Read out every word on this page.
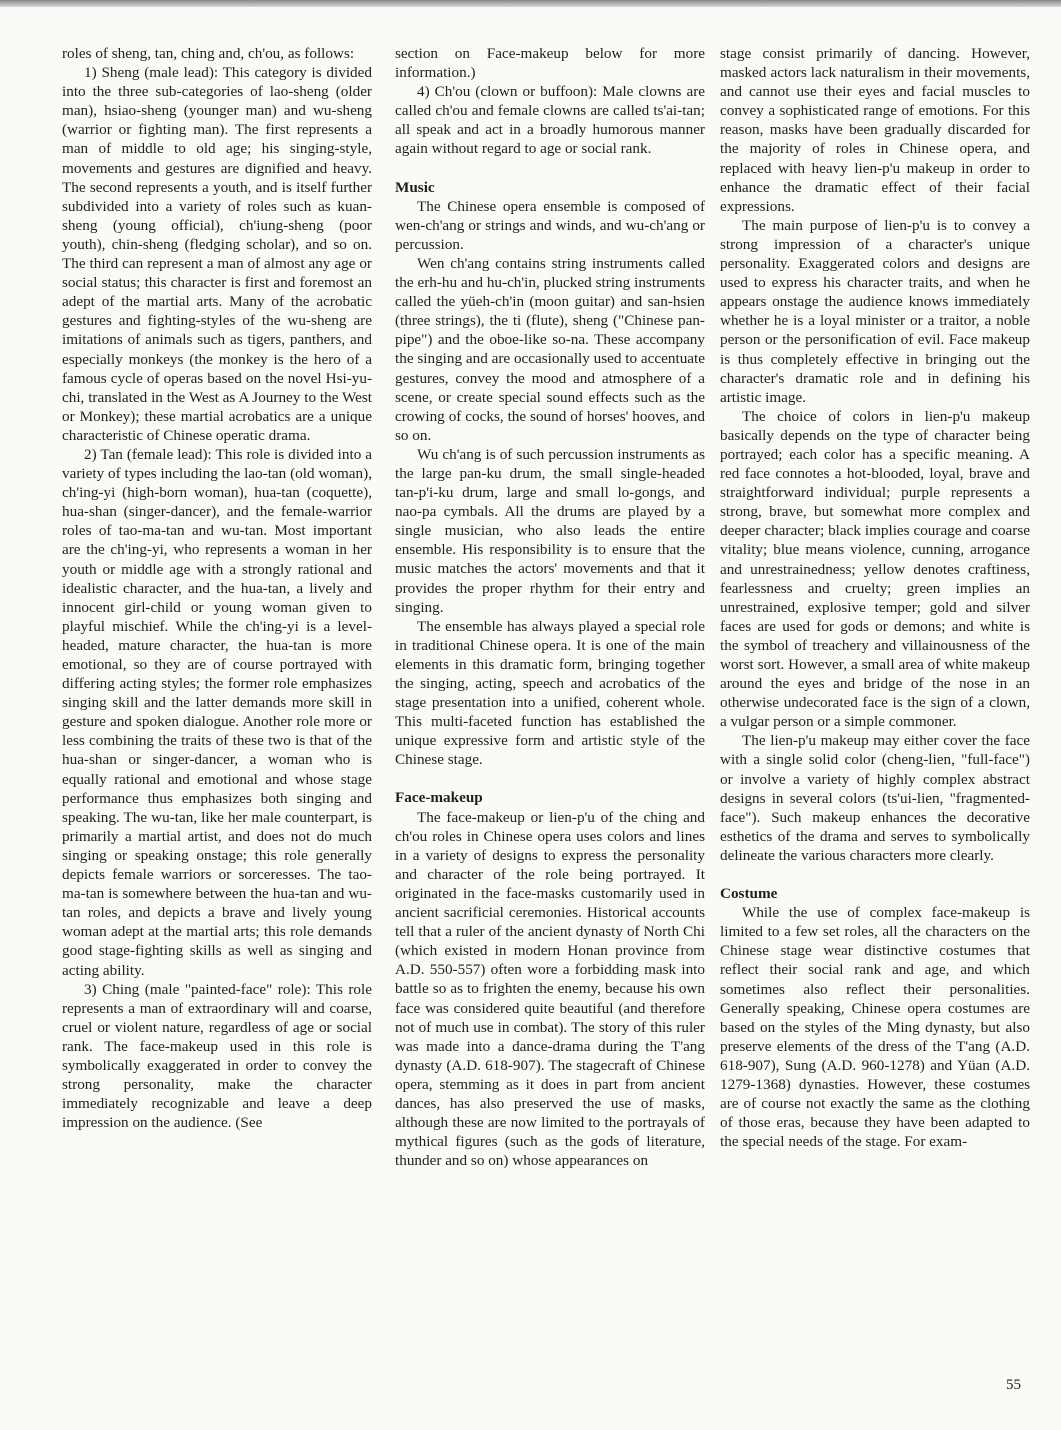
roles of sheng, tan, ching and, ch'ou, as follows:

1) Sheng (male lead): This category is divided into the three sub-categories of lao-sheng (older man), hsiao-sheng (younger man) and wu-sheng (warrior or fighting man). The first represents a man of middle to old age; his singing-style, movements and gestures are dignified and heavy. The second represents a youth, and is itself further subdivided into a variety of roles such as kuan-sheng (young official), ch'iung-sheng (poor youth), chin-sheng (fledging scholar), and so on. The third can represent a man of almost any age or social status; this character is first and foremost an adept of the martial arts. Many of the acrobatic gestures and fighting-styles of the wu-sheng are imitations of animals such as tigers, panthers, and especially monkeys (the monkey is the hero of a famous cycle of operas based on the novel Hsi-yu-chi, translated in the West as A Journey to the West or Monkey); these martial acrobatics are a unique characteristic of Chinese operatic drama.

2) Tan (female lead): This role is divided into a variety of types including the lao-tan (old woman), ch'ing-yi (high-born woman), hua-tan (coquette), hua-shan (singer-dancer), and the female-warrior roles of tao-ma-tan and wu-tan. Most important are the ch'ing-yi, who represents a woman in her youth or middle age with a strongly rational and idealistic character, and the hua-tan, a lively and innocent girl-child or young woman given to playful mischief. While the ch'ing-yi is a level-headed, mature character, the hua-tan is more emotional, so they are of course portrayed with differing acting styles; the former role emphasizes singing skill and the latter demands more skill in gesture and spoken dialogue. Another role more or less combining the traits of these two is that of the hua-shan or singer-dancer, a woman who is equally rational and emotional and whose stage performance thus emphasizes both singing and speaking. The wu-tan, like her male counterpart, is primarily a martial artist, and does not do much singing or speaking onstage; this role generally depicts female warriors or sorceresses. The tao-ma-tan is somewhere between the hua-tan and wu-tan roles, and depicts a brave and lively young woman adept at the martial arts; this role demands good stage-fighting skills as well as singing and acting ability.

3) Ching (male "painted-face" role): This role represents a man of extraordinary will and coarse, cruel or violent nature, regardless of age or social rank. The face-makeup used in this role is symbolically exaggerated in order to convey the strong personality, make the character immediately recognizable and leave a deep impression on the audience. (See

section on Face-makeup below for more information.)

4) Ch'ou (clown or buffoon): Male clowns are called ch'ou and female clowns are called ts'ai-tan; all speak and act in a broadly humorous manner again without regard to age or social rank.

Music

The Chinese opera ensemble is composed of wen-ch'ang or strings and winds, and wu-ch'ang or percussion.

Wen ch'ang contains string instruments called the erh-hu and hu-ch'in, plucked string instruments called the yüeh-ch'in (moon guitar) and san-hsien (three strings), the ti (flute), sheng ("Chinese pan-pipe") and the oboe-like so-na. These accompany the singing and are occasionally used to accentuate gestures, convey the mood and atmosphere of a scene, or create special sound effects such as the crowing of cocks, the sound of horses' hooves, and so on.

Wu ch'ang is of such percussion instruments as the large pan-ku drum, the small single-headed tan-p'i-ku drum, large and small lo-gongs, and nao-pa cymbals. All the drums are played by a single musician, who also leads the entire ensemble. His responsibility is to ensure that the music matches the actors' movements and that it provides the proper rhythm for their entry and singing.

The ensemble has always played a special role in traditional Chinese opera. It is one of the main elements in this dramatic form, bringing together the singing, acting, speech and acrobatics of the stage presentation into a unified, coherent whole. This multi-faceted function has established the unique expressive form and artistic style of the Chinese stage.

Face-makeup

The face-makeup or lien-p'u of the ching and ch'ou roles in Chinese opera uses colors and lines in a variety of designs to express the personality and character of the role being portrayed. It originated in the face-masks customarily used in ancient sacrificial ceremonies. Historical accounts tell that a ruler of the ancient dynasty of North Chi (which existed in modern Honan province from A.D. 550-557) often wore a forbidding mask into battle so as to frighten the enemy, because his own face was considered quite beautiful (and therefore not of much use in combat). The story of this ruler was made into a dance-drama during the T'ang dynasty (A.D. 618-907). The stagecraft of Chinese opera, stemming as it does in part from ancient dances, has also preserved the use of masks, although these are now limited to the portrayals of mythical figures (such as the gods of literature, thunder and so on) whose appearances on

stage consist primarily of dancing. However, masked actors lack naturalism in their movements, and cannot use their eyes and facial muscles to convey a sophisticated range of emotions. For this reason, masks have been gradually discarded for the majority of roles in Chinese opera, and replaced with heavy lien-p'u makeup in order to enhance the dramatic effect of their facial expressions.

The main purpose of lien-p'u is to convey a strong impression of a character's unique personality. Exaggerated colors and designs are used to express his character traits, and when he appears onstage the audience knows immediately whether he is a loyal minister or a traitor, a noble person or the personification of evil. Face makeup is thus completely effective in bringing out the character's dramatic role and in defining his artistic image.

The choice of colors in lien-p'u makeup basically depends on the type of character being portrayed; each color has a specific meaning. A red face connotes a hot-blooded, loyal, brave and straightforward individual; purple represents a strong, brave, but somewhat more complex and deeper character; black implies courage and coarse vitality; blue means violence, cunning, arrogance and unrestrainedness; yellow denotes craftiness, fearlessness and cruelty; green implies an unrestrained, explosive temper; gold and silver faces are used for gods or demons; and white is the symbol of treachery and villainousness of the worst sort. However, a small area of white makeup around the eyes and bridge of the nose in an otherwise undecorated face is the sign of a clown, a vulgar person or a simple commoner.

The lien-p'u makeup may either cover the face with a single solid color (cheng-lien, "full-face") or involve a variety of highly complex abstract designs in several colors (ts'ui-lien, "fragmented-face"). Such makeup enhances the decorative esthetics of the drama and serves to symbolically delineate the various characters more clearly.

Costume

While the use of complex face-makeup is limited to a few set roles, all the characters on the Chinese stage wear distinctive costumes that reflect their social rank and age, and which sometimes also reflect their personalities. Generally speaking, Chinese opera costumes are based on the styles of the Ming dynasty, but also preserve elements of the dress of the T'ang (A.D. 618-907), Sung (A.D. 960-1278) and Yüan (A.D. 1279-1368) dynasties. However, these costumes are of course not exactly the same as the clothing of those eras, because they have been adapted to the special needs of the stage. For exam-

55
